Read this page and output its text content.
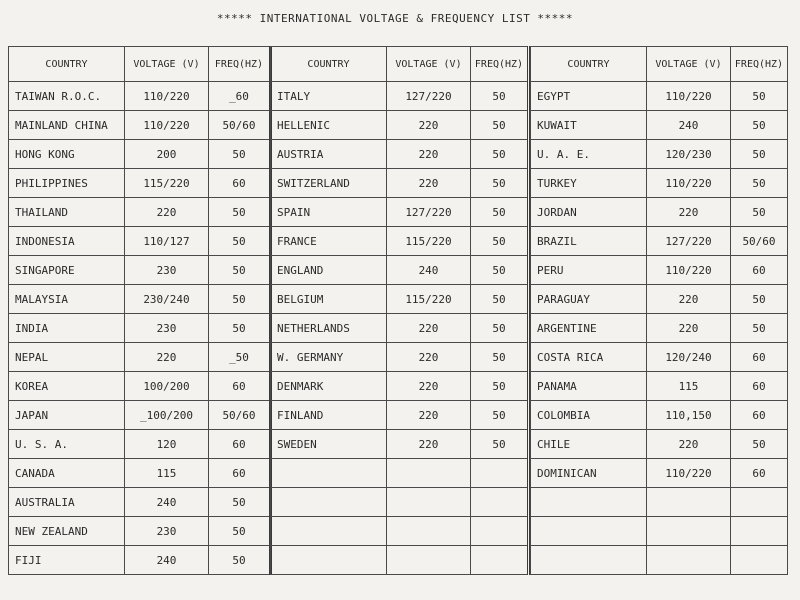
***** INTERNATIONAL VOLTAGE & FREQUENCY LIST *****
COUNTRY	VOLTAGE (V)	FREQ(HZ)
TAIWAN R.O.C.	110/220	_60
MAINLAND CHINA	110/220	50/60
HONG KONG	200	50
PHILIPPINES	115/220	60
THAILAND	220	50
INDONESIA	110/127	50
SINGAPORE	230	50
MALAYSIA	230/240	50
INDIA	230	50
NEPAL	220	_50
KOREA	100/200	60
JAPAN	_100/200	50/60
U. S. A.	120	60
CANADA	115	60
AUSTRALIA	240	50
NEW ZEALAND	230	50
FIJI	240	50
COUNTRY	VOLTAGE (V)	FREQ(HZ)
ITALY	127/220	50
HELLENIC	220	50
AUSTRIA	220	50
SWITZERLAND	220	50
SPAIN	127/220	50
FRANCE	115/220	50
ENGLAND	240	50
BELGIUM	115/220	50
NETHERLANDS	220	50
W. GERMANY	220	50
DENMARK	220	50
FINLAND	220	50
SWEDEN	220	50

COUNTRY	VOLTAGE (V)	FREQ(HZ)
EGYPT	110/220	50
KUWAIT	240	50
U. A. E.	120/230	50
TURKEY	110/220	50
JORDAN	220	50
BRAZIL	127/220	50/60
PERU	110/220	60
PARAGUAY	220	50
ARGENTINE	220	50
COSTA RICA	120/240	60
PANAMA	115	60
COLOMBIA	110,150	60
CHILE	220	50
DOMINICAN	110/220	60
